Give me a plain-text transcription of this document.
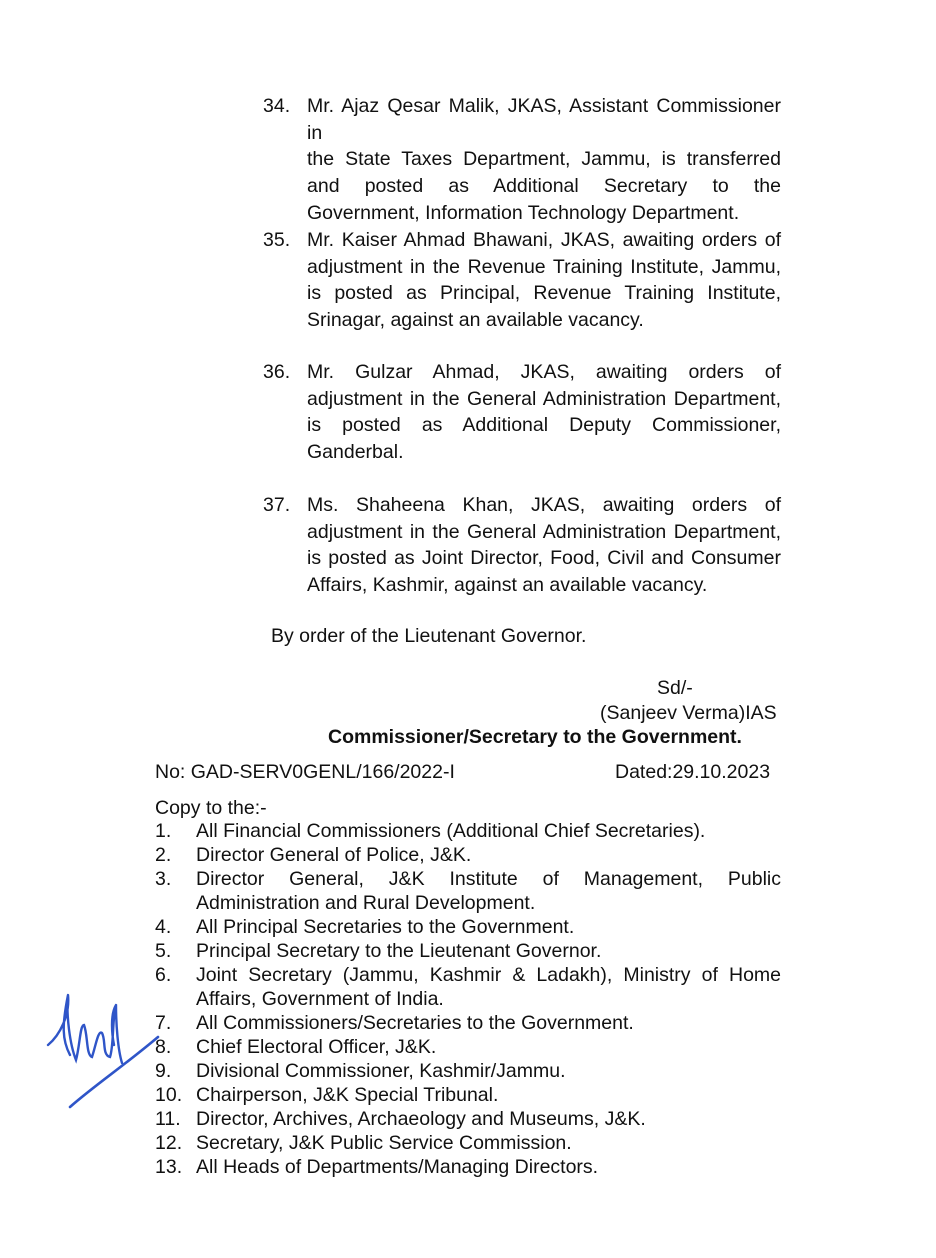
34. Mr. Ajaz Qesar Malik, JKAS, Assistant Commissioner in
the State Taxes Department, Jammu, is transferred
and posted as Additional Secretary to the
Government, Information Technology Department.
35. Mr. Kaiser Ahmad Bhawani, JKAS, awaiting orders of
adjustment in the Revenue Training Institute, Jammu,
is posted as Principal, Revenue Training Institute,
Srinagar, against an available vacancy.
36. Mr. Gulzar Ahmad, JKAS, awaiting orders of
adjustment in the General Administration Department,
is posted as Additional Deputy Commissioner,
Ganderbal.
37. Ms. Shaheena Khan, JKAS, awaiting orders of
adjustment in the General Administration Department,
is posted as Joint Director, Food, Civil and Consumer
Affairs, Kashmir, against an available vacancy.
By order of the Lieutenant Governor.
Sd/-
(Sanjeev Verma)IAS
Commissioner/Secretary to the Government.
No: GAD-SERV0GENL/166/2022-I	Dated:29.10.2023
Copy to the:-
1. All Financial Commissioners (Additional Chief Secretaries).
2. Director General of Police, J&K.
3. Director General, J&K Institute of Management, Public
Administration and Rural Development.
4. All Principal Secretaries to the Government.
5. Principal Secretary to the Lieutenant Governor.
6. Joint Secretary (Jammu, Kashmir & Ladakh), Ministry of Home
Affairs, Government of India.
7. All Commissioners/Secretaries to the Government.
8. Chief Electoral Officer, J&K.
9. Divisional Commissioner, Kashmir/Jammu.
10. Chairperson, J&K Special Tribunal.
11. Director, Archives, Archaeology and Museums, J&K.
12. Secretary, J&K Public Service Commission.
13. All Heads of Departments/Managing Directors.
